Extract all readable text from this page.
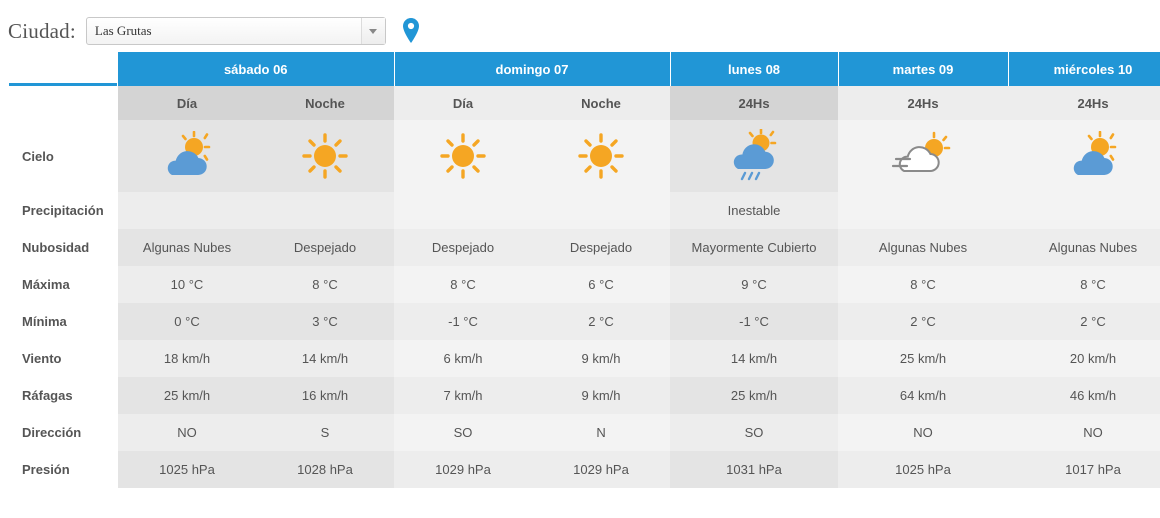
Ciudad: Las Grutas
	sábado 06		domingo 07		lunes 08	martes 09	miércoles 10
	Día	Noche	Día	Noche	24Hs	24Hs	24Hs
Cielo	

Precipitación					Inestable		
Nubosidad	Algunas Nubes	Despejado	Despejado	Despejado	Mayormente Cubierto	Algunas Nubes	Algunas Nubes
Máxima	10 °C	8 °C	8 °C	6 °C	9 °C	8 °C	8 °C
Mínima	0 °C	3 °C	-1 °C	2 °C	-1 °C	2 °C	2 °C
Viento	18 km/h	14 km/h	6 km/h	9 km/h	14 km/h	25 km/h	20 km/h
Ráfagas	25 km/h	16 km/h	7 km/h	9 km/h	25 km/h	64 km/h	46 km/h
Dirección	NO	S	SO	N	SO	NO	NO
Presión	1025 hPa	1028 hPa	1029 hPa	1029 hPa	1031 hPa	1025 hPa	1017 hPa
